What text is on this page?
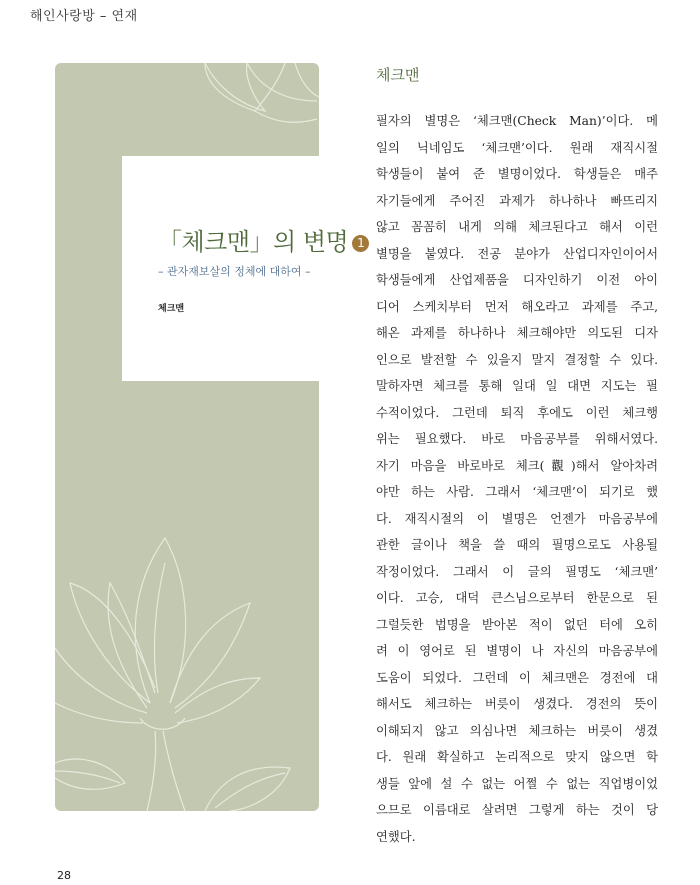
해인사랑방 – 연재
「체크맨」의 변명 1
– 관자재보살의 정체에 대하여 –
체크맨
체크맨
필자의 별명은 ‘체크맨(Check Man)’이다. 메
일의 닉네임도 ‘체크맨’이다. 원래 재직시절
학생들이 붙여 준 별명이었다. 학생들은 매주
자기들에게 주어진 과제가 하나하나 빠뜨리지
않고 꼼꼼히 내게 의해 체크된다고 해서 이런
별명을 붙였다. 전공 분야가 산업디자인이어서
학생들에게 산업제품을 디자인하기 이전 아이
디어 스케치부터 먼저 해오라고 과제를 주고,
해온 과제를 하나하나 체크해야만 의도된 디자
인으로 발전할 수 있을지 말지 결정할 수 있다.
말하자면 체크를 통해 일대 일 대면 지도는 필
수적이었다. 그런데 퇴직 후에도 이런 체크행
위는 필요했다. 바로 마음공부를 위해서였다.
자기 마음을 바로바로 체크(觀)해서 알아차려
야만 하는 사람. 그래서 ‘체크맨’이 되기로 했
다. 재직시절의 이 별명은 언젠가 마음공부에
관한 글이나 책을 쓸 때의 필명으로도 사용될
작정이었다. 그래서 이 글의 필명도 ‘체크맨’
이다. 고승, 대덕 큰스님으로부터 한문으로 된
그럴듯한 법명을 받아본 적이 없던 터에 오히
려 이 영어로 된 별명이 나 자신의 마음공부에
도움이 되었다. 그런데 이 체크맨은 경전에 대
해서도 체크하는 버릇이 생겼다. 경전의 뜻이
이해되지 않고 의심나면 체크하는 버릇이 생겼
다. 원래 확실하고 논리적으로 맞지 않으면 학
생들 앞에 설 수 없는 어쩔 수 없는 직업병이었
으므로 이름대로 살려면 그렇게 하는 것이 당
연했다.
28
